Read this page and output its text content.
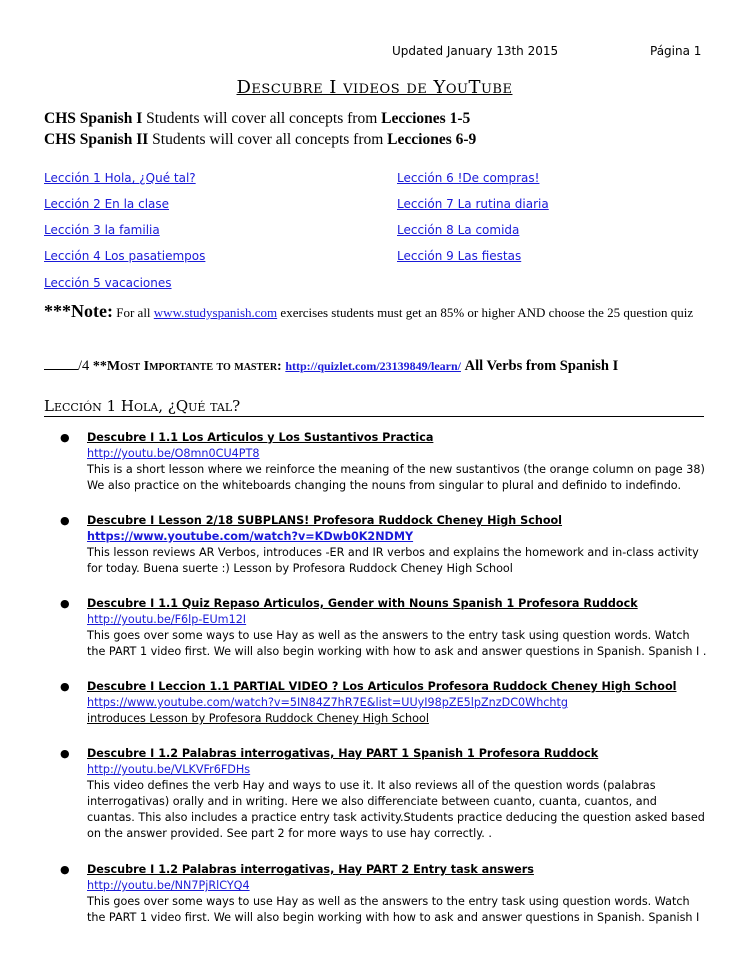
Updated January 13th 2015	Página 1
Descubre I videos de YouTube
CHS Spanish I Students will cover all concepts from Lecciones 1-5
CHS Spanish II Students will cover all concepts from Lecciones 6-9
Lección 1 Hola, ¿Qué tal?
Lección 2 En la clase
Lección 3 la familia
Lección 4 Los pasatiempos
Lección 5 vacaciones
Lección 6 !De compras!
Lección 7 La rutina diaria
Lección 8 La comida
Lección 9 Las fiestas
***Note: For all www.studyspanish.com exercises students must get an 85% or higher AND choose the 25 question quiz
/4 **Most Importante to master: http://quizlet.com/23139849/learn/ All Verbs from Spanish I
Lección 1 Hola, ¿Qué tal?
● Descubre I 1.1 Los Articulos y Los Sustantivos Practica
http://youtu.be/O8mn0CU4PT8
This is a short lesson where we reinforce the meaning of the new sustantivos (the orange column on page 38) We also practice on the whiteboards changing the nouns from singular to plural and definido to indefindo.
● Descubre I Lesson 2/18 SUBPLANS! Profesora Ruddock Cheney High School
https://www.youtube.com/watch?v=KDwb0K2NDMY
This lesson reviews AR Verbos, introduces -ER and IR verbos and explains the homework and in-class activity for today. Buena suerte :) Lesson by Profesora Ruddock Cheney High School
● Descubre I 1.1 Quiz Repaso Articulos, Gender with Nouns Spanish 1 Profesora Ruddock
http://youtu.be/F6lp-EUm12I
This goes over some ways to use Hay as well as the answers to the entry task using question words. Watch the PART 1 video first. We will also begin working with how to ask and answer questions in Spanish. Spanish I .
● Descubre I Leccion 1.1 PARTIAL VIDEO ? Los Articulos Profesora Ruddock Cheney High School
https://www.youtube.com/watch?v=5IN84Z7hR7E&list=UUyI98pZE5lpZnzDC0Whchtg
introduces Lesson by Profesora Ruddock Cheney High School
● Descubre I 1.2 Palabras interrogativas, Hay PART 1 Spanish 1 Profesora Ruddock
http://youtu.be/VLKVFr6FDHs
This video defines the verb Hay and ways to use it. It also reviews all of the question words (palabras interrogativas) orally and in writing. Here we also differenciate between cuanto, cuanta, cuantos, and cuantas. This also includes a practice entry task activity.Students practice deducing the question asked based on the answer provided. See part 2 for more ways to use hay correctly. .
● Descubre I 1.2 Palabras interrogativas, Hay PART 2 Entry task answers
http://youtu.be/NN7PjRlCYQ4
This goes over some ways to use Hay as well as the answers to the entry task using question words. Watch the PART 1 video first. We will also begin working with how to ask and answer questions in Spanish. Spanish I
